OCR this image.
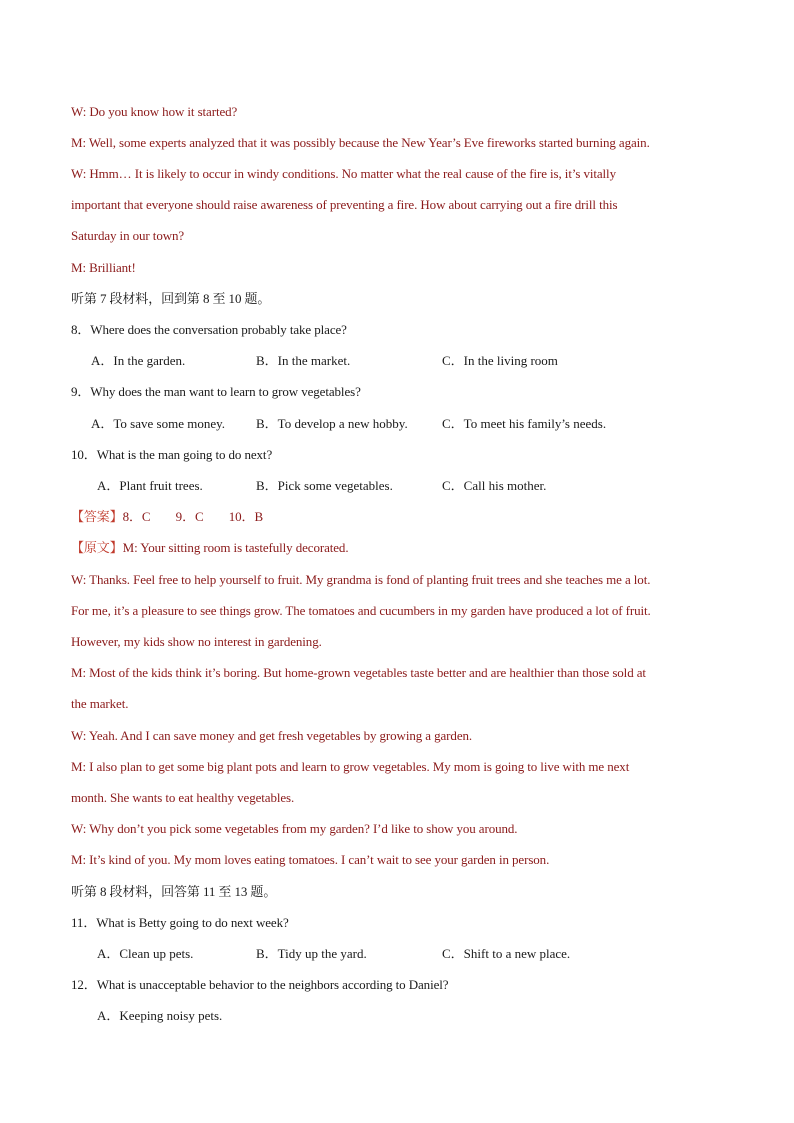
W: Do you know how it started?
M: Well, some experts analyzed that it was possibly because the New Year’s Eve fireworks started burning again.
W: Hmm… It is likely to occur in windy conditions. No matter what the real cause of the fire is, it’s vitally
important that everyone should raise awareness of preventing a fire. How about carrying out a fire drill this
Saturday in our town?
M: Brilliant!
听第 7 段材料，回到第 8 至 10 题。
8．Where does the conversation probably take place?
A．In the garden.	B．In the market.	C．In the living room
9．Why does the man want to learn to grow vegetables?
A．To save some money. B．To develop a new hobby.	C．To meet his family’s needs.
10．What is the man going to do next?
A．Plant fruit trees.	B．Pick some vegetables.	C．Call his mother.
【答案】8．C        9．C        10．B
【原文】M: Your sitting room is tastefully decorated.
W: Thanks. Feel free to help yourself to fruit. My grandma is fond of planting fruit trees and she teaches me a lot.
For me, it’s a pleasure to see things grow. The tomatoes and cucumbers in my garden have produced a lot of fruit.
However, my kids show no interest in gardening.
M: Most of the kids think it’s boring. But home-grown vegetables taste better and are healthier than those sold at
the market.
W: Yeah. And I can save money and get fresh vegetables by growing a garden.
M: I also plan to get some big plant pots and learn to grow vegetables. My mom is going to live with me next
month. She wants to eat healthy vegetables.
W: Why don’t you pick some vegetables from my garden? I’d like to show you around.
M: It’s kind of you. My mom loves eating tomatoes. I can’t wait to see your garden in person.
听第 8 段材料，回答第 11 至 13 题。
11．What is Betty going to do next week?
A．Clean up pets.	B．Tidy up the yard.	C．Shift to a new place.
12．What is unacceptable behavior to the neighbors according to Daniel?
A．Keeping noisy pets.
